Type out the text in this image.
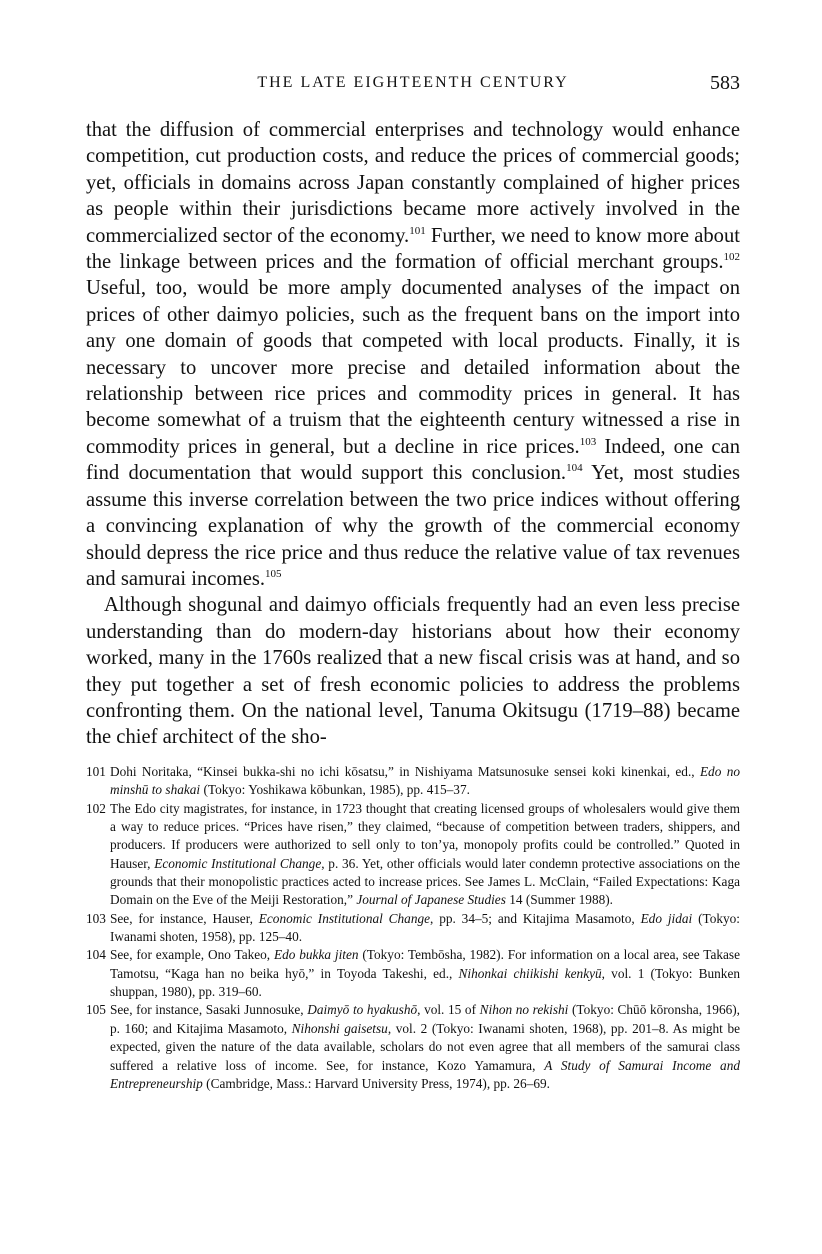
THE LATE EIGHTEENTH CENTURY	583

that the diffusion of commercial enterprises and technology would enhance competition, cut production costs, and reduce the prices of commercial goods; yet, officials in domains across Japan constantly complained of higher prices as people within their jurisdictions became more actively involved in the commercialized sector of the economy.$^{101}$ Further, we need to know more about the linkage between prices and the formation of official merchant groups.$^{102}$ Useful, too, would be more amply documented analyses of the impact on prices of other daimyo policies, such as the frequent bans on the import into any one domain of goods that competed with local products. Finally, it is necessary to uncover more precise and detailed information about the relationship between rice prices and commodity prices in general. It has become somewhat of a truism that the eighteenth century witnessed a rise in commodity prices in general, but a decline in rice prices.$^{103}$ Indeed, one can find documentation that would support this conclusion.$^{104}$ Yet, most studies assume this inverse correlation between the two price indices without offering a convincing explanation of why the growth of the commercial economy should depress the rice price and thus reduce the relative value of tax revenues and samurai incomes.$^{105}$

Although shogunal and daimyo officials frequently had an even less precise understanding than do modern-day historians about how their economy worked, many in the 1760s realized that a new fiscal crisis was at hand, and so they put together a set of fresh economic policies to address the problems confronting them. On the national level, Tanuma Okitsugu (1719–88) became the chief architect of the sho-

101 Dohi Noritaka, “Kinsei bukka-shi no ichi kōsatsu,” in Nishiyama Matsunosuke sensei koki kinenkai, ed., Edo no minshū to shakai (Tokyo: Yoshikawa kōbunkan, 1985), pp. 415–37.
102 The Edo city magistrates, for instance, in 1723 thought that creating licensed groups of wholesalers would give them a way to reduce prices. “Prices have risen,” they claimed, “because of competition between traders, shippers, and producers. If producers were authorized to sell only to ton’ya, monopoly profits could be controlled.” Quoted in Hauser, Economic Institutional Change, p. 36. Yet, other officials would later condemn protective associations on the grounds that their monopolistic practices acted to increase prices. See James L. McClain, “Failed Expectations: Kaga Domain on the Eve of the Meiji Restoration,” Journal of Japanese Studies 14 (Summer 1988).
103 See, for instance, Hauser, Economic Institutional Change, pp. 34–5; and Kitajima Masamoto, Edo jidai (Tokyo: Iwanami shoten, 1958), pp. 125–40.
104 See, for example, Ono Takeo, Edo bukka jiten (Tokyo: Tembōsha, 1982). For information on a local area, see Takase Tamotsu, “Kaga han no beika hyō,” in Toyoda Takeshi, ed., Nihonkai chiikishi kenkyū, vol. 1 (Tokyo: Bunken shuppan, 1980), pp. 319–60.
105 See, for instance, Sasaki Junnosuke, Daimyō to hyakushō, vol. 15 of Nihon no rekishi (Tokyo: Chūō kōronsha, 1966), p. 160; and Kitajima Masamoto, Nihonshi gaisetsu, vol. 2 (Tokyo: Iwanami shoten, 1968), pp. 201–8. As might be expected, given the nature of the data available, scholars do not even agree that all members of the samurai class suffered a relative loss of income. See, for instance, Kozo Yamamura, A Study of Samurai Income and Entrepreneurship (Cambridge, Mass.: Harvard University Press, 1974), pp. 26–69.
